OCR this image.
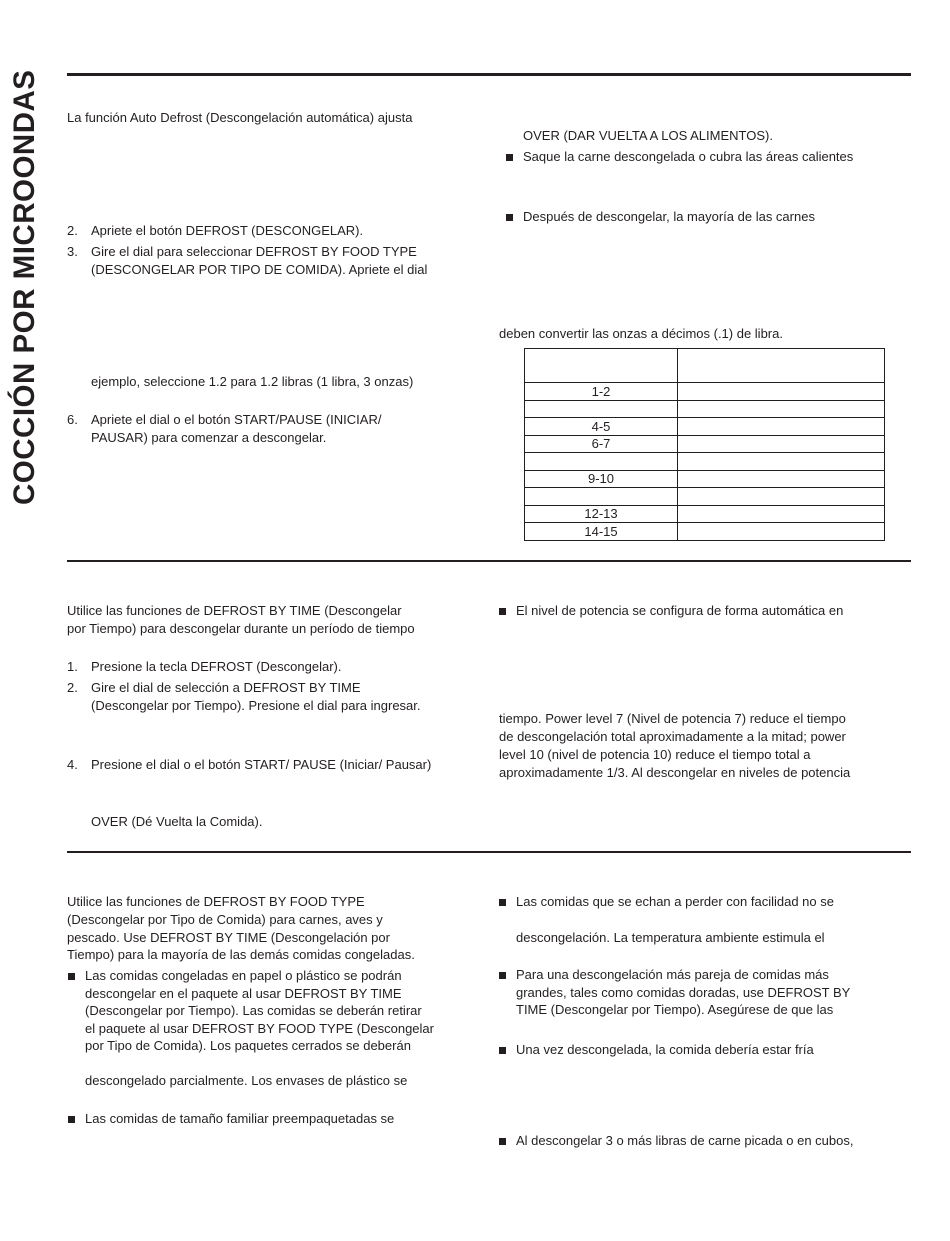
COCCIÓN POR MICROONDAS La función Auto Defrost (Descongelación automática) ajusta
2. Apriete el botón DEFROST (DESCONGELAR).
3. Gire el dial para seleccionar DEFROST BY FOOD TYPE
(DESCONGELAR POR TIPO DE COMIDA). Apriete el dial
ejemplo, seleccione 1.2 para 1.2 libras (1 libra, 3 onzas)
6. Apriete el dial o el botón START/PAUSE (INICIAR/
PAUSAR) para comenzar a descongelar.
OVER (DAR VUELTA A LOS ALIMENTOS).
Saque la carne descongelada o cubra las áreas calientes
Después de descongelar, la mayoría de las carnes
deben convertir las onzas a décimos (.1) de libra.

1-2	

4-5	
6-7	

9-10	

12-13	
14-15	
Utilice las funciones de DEFROST BY TIME (Descongelar
por Tiempo) para descongelar durante un período de tiempo
1. Presione la tecla DEFROST (Descongelar).
2. Gire el dial de selección a DEFROST BY TIME
(Descongelar por Tiempo). Presione el dial para ingresar.
4. Presione el dial o el botón START/ PAUSE (Iniciar/ Pausar)
OVER (Dé Vuelta la Comida).
El nivel de potencia se configura de forma automática en
tiempo. Power level 7 (Nivel de potencia 7) reduce el tiempo
de descongelación total aproximadamente a la mitad; power
level 10 (nivel de potencia 10) reduce el tiempo total a
aproximadamente 1/3. Al descongelar en niveles de potencia
Utilice las funciones de DEFROST BY FOOD TYPE
(Descongelar por Tipo de Comida) para carnes, aves y
pescado. Use DEFROST BY TIME (Descongelación por
Tiempo) para la mayoría de las demás comidas congeladas.
Las comidas congeladas en papel o plástico se podrán
descongelar en el paquete al usar DEFROST BY TIME
(Descongelar por Tiempo). Las comidas se deberán retirar
el paquete al usar DEFROST BY FOOD TYPE (Descongelar
por Tipo de Comida). Los paquetes cerrados se deberán
descongelado parcialmente. Los envases de plástico se
Las comidas de tamaño familiar preempaquetadas se
Las comidas que se echan a perder con facilidad no se
descongelación. La temperatura ambiente estimula el
Para una descongelación más pareja de comidas más
grandes, tales como comidas doradas, use DEFROST BY
TIME (Descongelar por Tiempo). Asegúrese de que las
Una vez descongelada, la comida debería estar fría
Al descongelar 3 o más libras de carne picada o en cubos,
